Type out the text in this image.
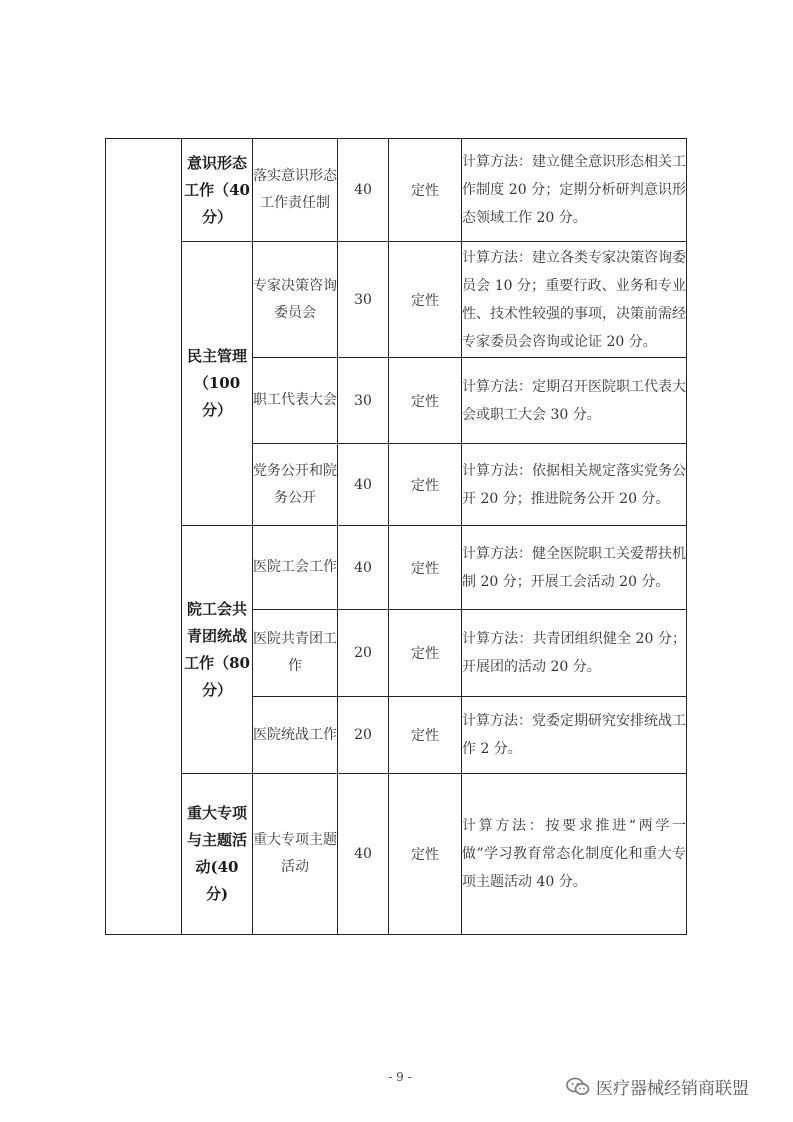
	意识形态工作（40分）	落实意识形态工作责任制	40	定性	计算方法：建立健全意识形态相关工作制度 20 分；定期分析研判意识形态领域工作 20 分。
	民主管理（100 分）	专家决策咨询委员会	30	定性	计算方法：建立各类专家决策咨询委员会 10 分；重要行政、业务和专业性、技术性较强的事项，决策前需经专家委员会咨询或论证 20 分。
		职工代表大会	30	定性	计算方法：定期召开医院职工代表大会或职工大会 30 分。
		党务公开和院务公开	40	定性	计算方法：依据相关规定落实党务公开 20 分；推进院务公开 20 分。
	院工会共青团统战工作（80分）	医院工会工作	40	定性	计算方法：健全医院职工关爱帮扶机制 20 分；开展工会活动 20 分。
		医院共青团工作	20	定性	计算方法：共青团组织健全 20 分；开展团的活动 20 分。
		医院统战工作	20	定性	计算方法：党委定期研究安排统战工作 2 分。
	重大专项与主题活动(40 分)	重大专项主题活动	40	定性	计算方法：按要求推进“两学一做”学习教育常态化制度化和重大专项主题活动 40 分。
- 9 -
医疗器械经销商联盟
